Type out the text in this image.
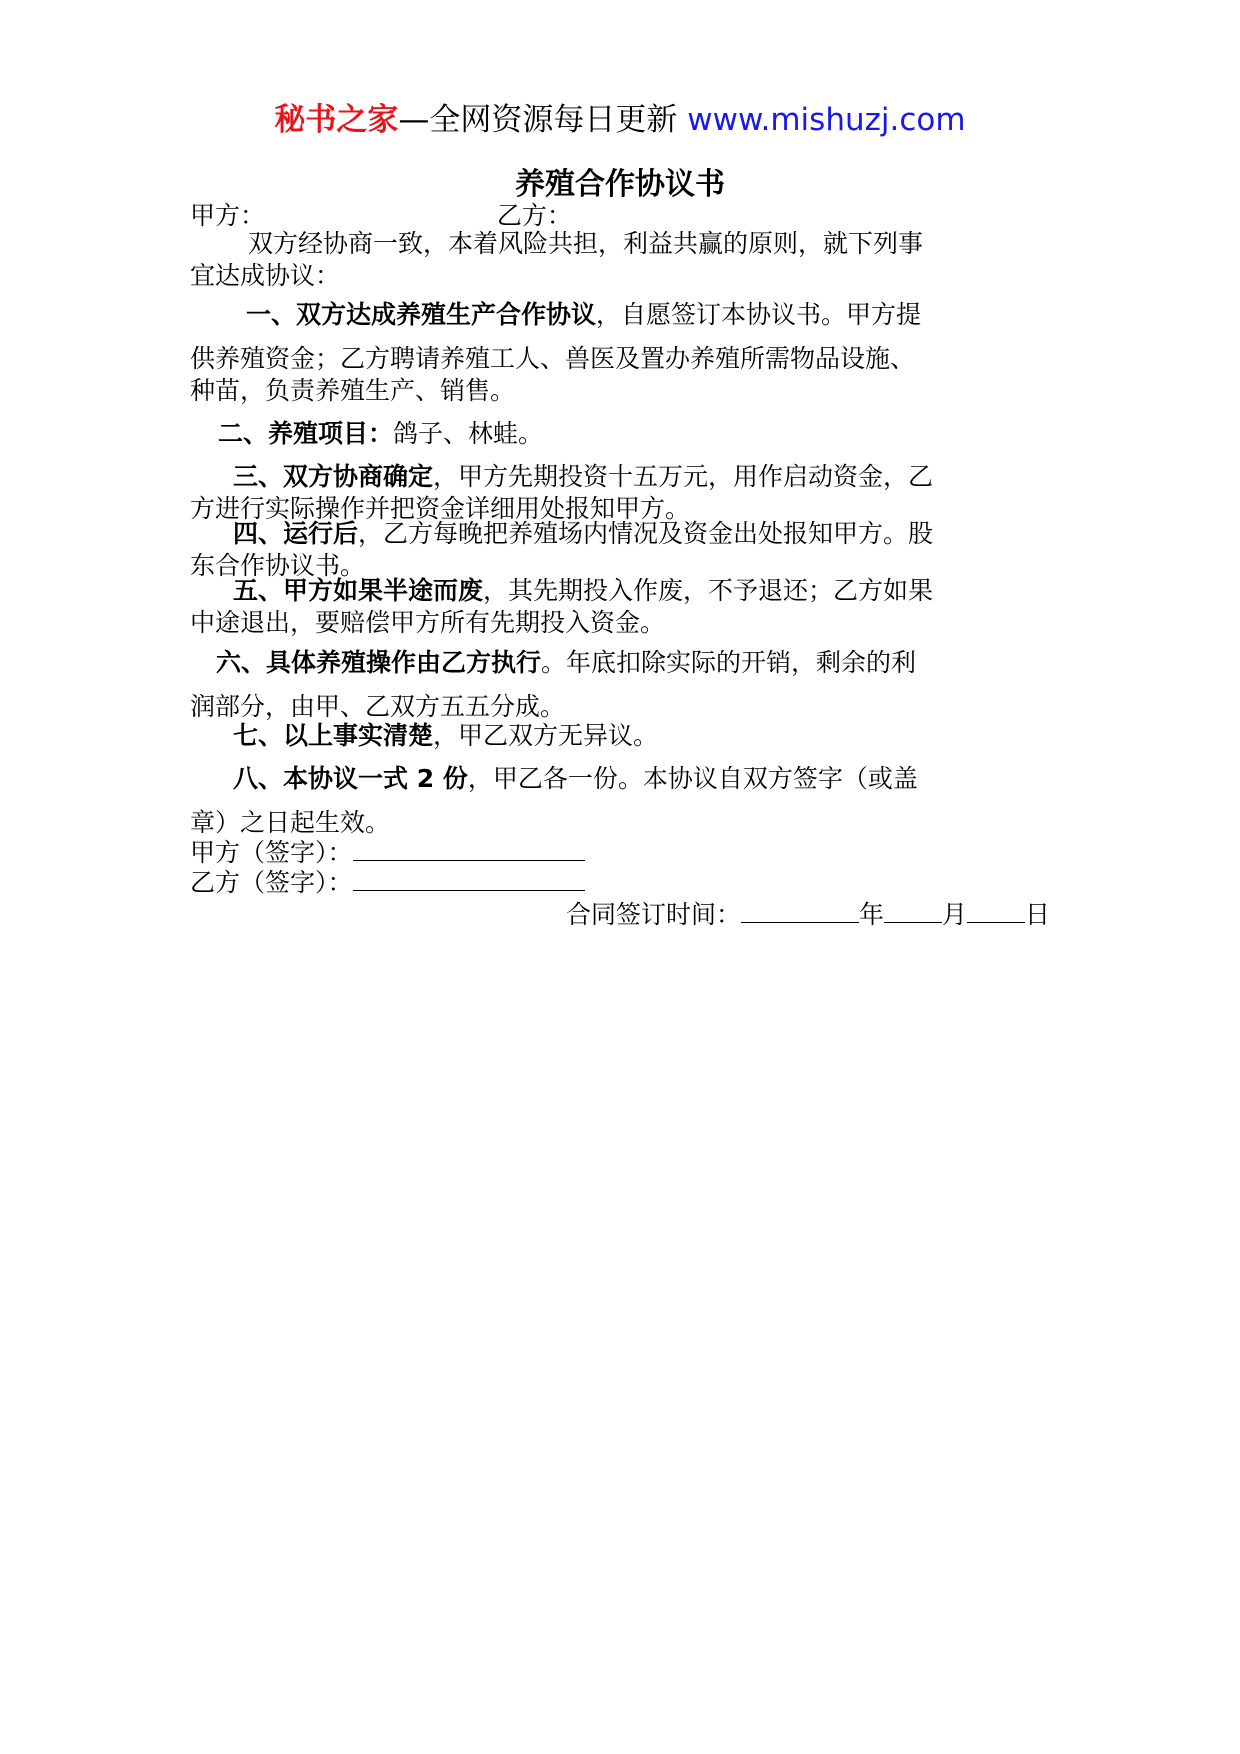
秘书之家—全网资源每日更新 www.mishuzj.com
养殖合作协议书
甲方：	乙方：
双方经协商一致，本着风险共担，利益共赢的原则，就下列事
宜达成协议：
一、双方达成养殖生产合作协议，自愿签订本协议书。甲方提
供养殖资金；乙方聘请养殖工人、兽医及置办养殖所需物品设施、
种苗，负责养殖生产、销售。
二、养殖项目：鸽子、林蛙。
三、双方协商确定，甲方先期投资十五万元，用作启动资金，乙
方进行实际操作并把资金详细用处报知甲方。
四、运行后，乙方每晚把养殖场内情况及资金出处报知甲方。股
东合作协议书。
五、甲方如果半途而废，其先期投入作废，不予退还；乙方如果
中途退出，要赔偿甲方所有先期投入资金。
六、具体养殖操作由乙方执行。年底扣除实际的开销，剩余的利
润部分，由甲、乙双方五五分成。
七、以上事实清楚，甲乙双方无异议。
八、本协议一式 2 份，甲乙各一份。本协议自双方签字（或盖
章）之日起生效。
甲方（签字）：
乙方（签字）：
合同签订时间：	年 月 日
